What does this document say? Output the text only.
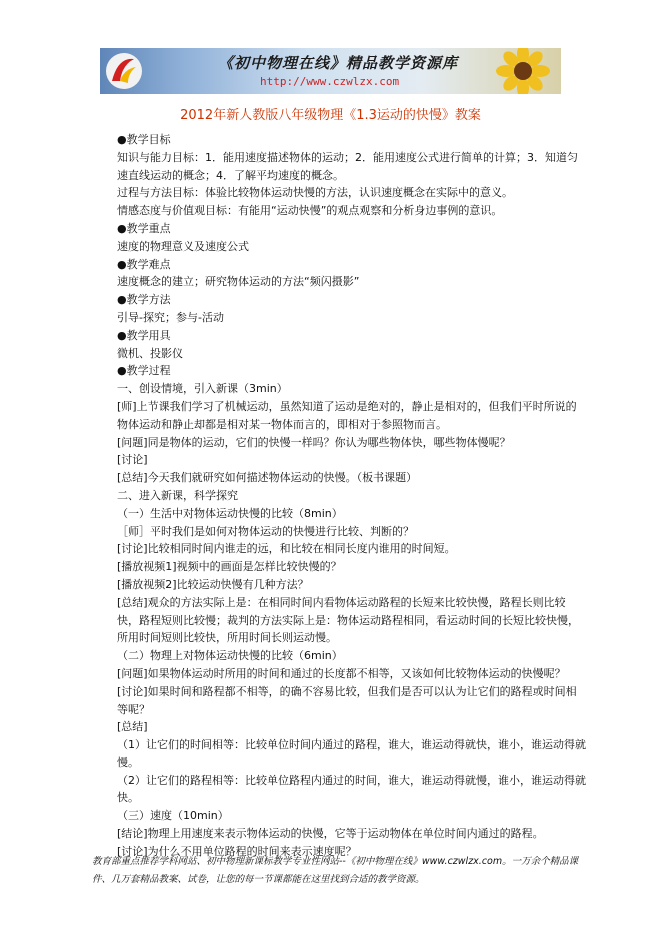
《初中物理在线》精品教学资源库
http://www.czwlzx.com
2012年新人教版八年级物理《1.3运动的快慢》教案
●教学目标
知识与能力目标：1．能用速度描述物体的运动；2．能用速度公式进行简单的计算；3．知道匀速直线运动的概念；4．了解平均速度的概念。
过程与方法目标：体验比较物体运动快慢的方法，认识速度概念在实际中的意义。
情感态度与价值观目标：有能用“运动快慢”的观点观察和分析身边事例的意识。
●教学重点
速度的物理意义及速度公式
●教学难点
速度概念的建立；研究物体运动的方法“频闪摄影”
●教学方法
引导-探究；参与-活动
●教学用具
微机、投影仪
●教学过程
一、创设情境，引入新课（3min）
[师]上节课我们学习了机械运动，虽然知道了运动是绝对的，静止是相对的，但我们平时所说的物体运动和静止却都是相对某一物体而言的，即相对于参照物而言。
[问题]同是物体的运动，它们的快慢一样吗？你认为哪些物体快，哪些物体慢呢？
[讨论]
[总结]今天我们就研究如何描述物体运动的快慢。（板书课题）
二、进入新课，科学探究
（一）生活中对物体运动快慢的比较（8min）
［师］平时我们是如何对物体运动的快慢进行比较、判断的？
[讨论]比较相同时间内谁走的远，和比较在相同长度内谁用的时间短。
[播放视频1]视频中的画面是怎样比较快慢的？
[播放视频2]比较运动快慢有几种方法？
[总结]观众的方法实际上是：在相同时间内看物体运动路程的长短来比较快慢，路程长则比较快，路程短则比较慢；裁判的方法实际上是：物体运动路程相同，看运动时间的长短比较快慢，所用时间短则比较快，所用时间长则运动慢。
（二）物理上对物体运动快慢的比较（6min）
[问题]如果物体运动时所用的时间和通过的长度都不相等，又该如何比较物体运动的快慢呢？
[讨论]如果时间和路程都不相等，的确不容易比较，但我们是否可以认为让它们的路程或时间相等呢？
[总结]
（1）让它们的时间相等：比较单位时间内通过的路程，谁大，谁运动得就快，谁小，谁运动得就慢。
（2）让它们的路程相等：比较单位路程内通过的时间，谁大，谁运动得就慢，谁小，谁运动得就快。
（三）速度（10min）
[结论]物理上用速度来表示物体运动的快慢，它等于运动物体在单位时间内通过的路程。
[讨论]为什么不用单位路程的时间来表示速度呢？
教育部重点推荐学科网站、初中物理新课标教学专业性网站--《初中物理在线》www.czwlzx.com。一万余个精品课件、几万套精品教案、试卷，让您的每一节课都能在这里找到合适的教学资源。
